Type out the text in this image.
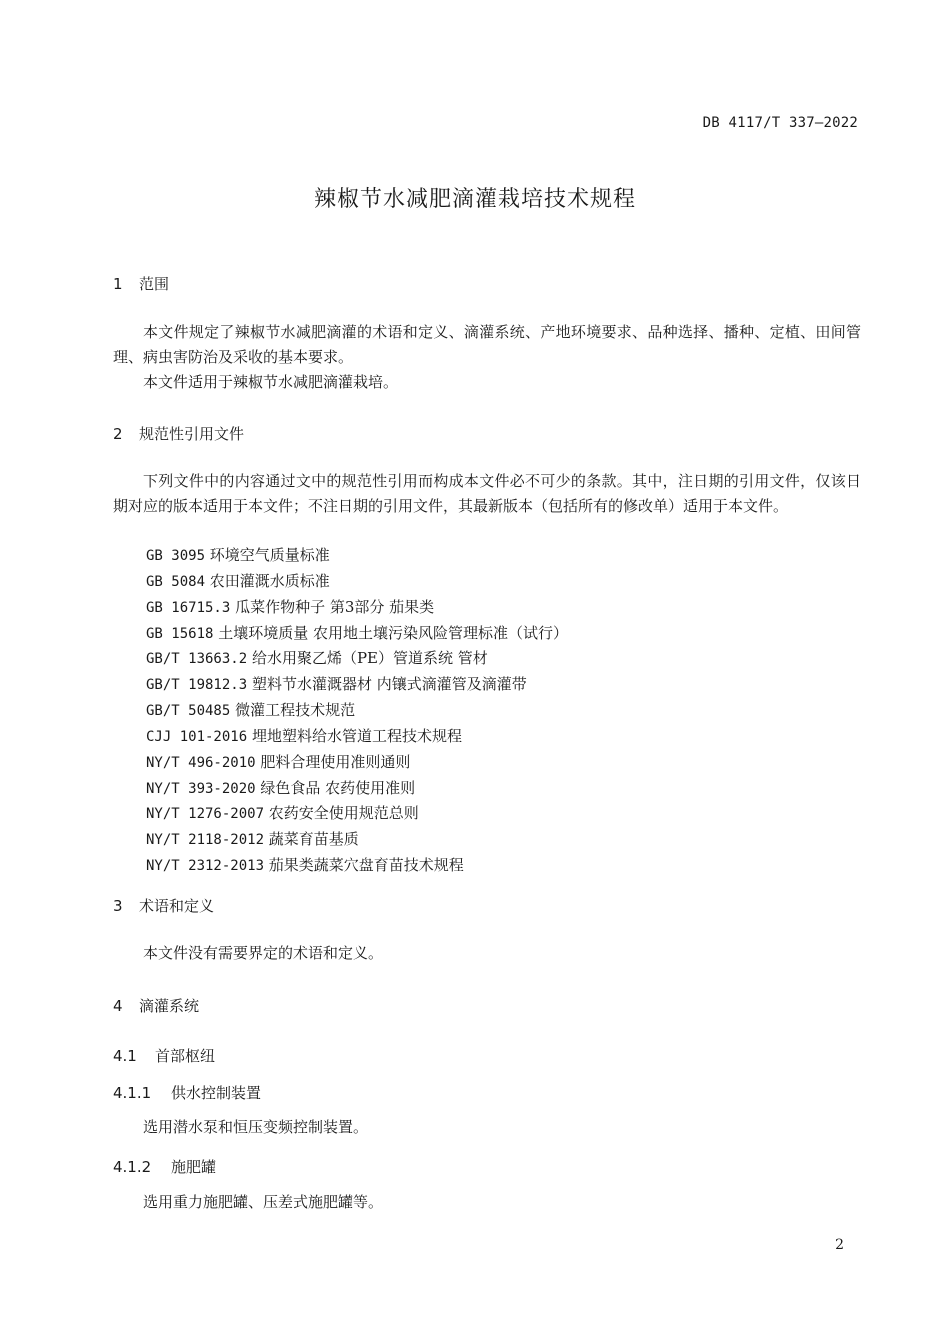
DB 4117/T 337—2022
辣椒节水减肥滴灌栽培技术规程
1 范围

本文件规定了辣椒节水减肥滴灌的术语和定义、滴灌系统、产地环境要求、品种选择、播种、定植、田间管理、病虫害防治及采收的基本要求。

本文件适用于辣椒节水减肥滴灌栽培。

2 规范性引用文件

下列文件中的内容通过文中的规范性引用而构成本文件必不可少的条款。其中，注日期的引用文件，仅该日期对应的版本适用于本文件；不注日期的引用文件，其最新版本（包括所有的修改单）适用于本文件。

GB 3095 环境空气质量标准
GB 5084 农田灌溉水质标准
GB 16715.3 瓜菜作物种子 第3部分 茄果类
GB 15618 土壤环境质量 农用地土壤污染风险管理标准（试行）
GB/T 13663.2 给水用聚乙烯（PE）管道系统 管材
GB/T 19812.3 塑料节水灌溉器材 内镶式滴灌管及滴灌带
GB/T 50485 微灌工程技术规范
CJJ 101-2016 埋地塑料给水管道工程技术规程
NY/T 496-2010 肥料合理使用准则通则
NY/T 393-2020 绿色食品 农药使用准则
NY/T 1276-2007 农药安全使用规范总则
NY/T 2118-2012 蔬菜育苗基质
NY/T 2312-2013 茄果类蔬菜穴盘育苗技术规程
3 术语和定义

本文件没有需要界定的术语和定义。

4 滴灌系统
4.1 首部枢纽
4.1.1 供水控制装置

选用潜水泵和恒压变频控制装置。

4.1.2 施肥罐

选用重力施肥罐、压差式施肥罐等。

2
